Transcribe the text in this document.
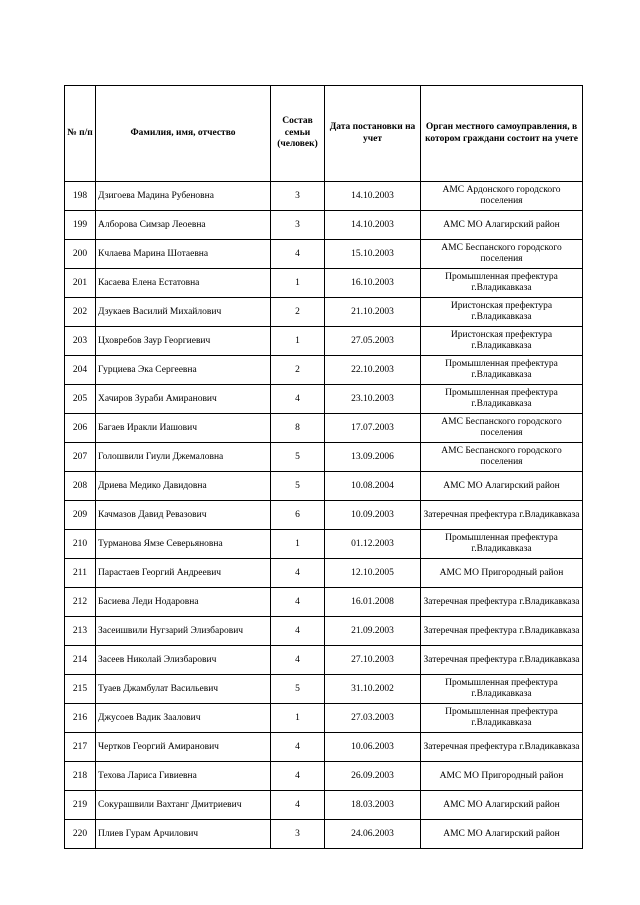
№ п/п	Фамилия, имя, отчество	Состав семьи (человек)	Дата постановки на учет	Орган местного самоуправления, в котором граждани состоит на учете
198	Дзигоева Мадина Рубеновна	3	14.10.2003	АМС Ардонского городского поселения
199	Алборова Симзар Леоевна	3	14.10.2003	АМС МО Алагирский район
200	Кчлаева Марина Шотаевна	4	15.10.2003	АМС Беспанского городского поселения
201	Касаева Елена Естатовна	1	16.10.2003	Промышленная префектура г.Владикавказа
202	Дзукаев Василий Михайлович	2	21.10.2003	Иристонская префектура г.Владикавказа
203	Цховребов Заур Георгиевич	1	27.05.2003	Иристонская префектура г.Владикавказа
204	Гурциева Эка Сергеевна	2	22.10.2003	Промышленная префектура г.Владикавказа
205	Хачиров Зураби Амиранович	4	23.10.2003	Промышленная префектура г.Владикавказа
206	Багаев Иракли Иашович	8	17.07.2003	АМС Беспанского городского поселения
207	Голошвили Гиули Джемаловна	5	13.09.2006	АМС Беспанского городского поселения
208	Дриева Медико Давидовна	5	10.08.2004	АМС МО Алагирский район
209	Качмазов Давид Ревазович	6	10.09.2003	Затеречная префектура г.Владикавказа
210	Турманова Ямзе Северьяновна	1	01.12.2003	Промышленная префектура г.Владикавказа
211	Парастаев Георгий Андреевич	4	12.10.2005	АМС МО Пригородный район
212	Басиева Леди Нодаровна	4	16.01.2008	Затеречная префектура г.Владикавказа
213	Засеишвили Нугзарий Элизбарович	4	21.09.2003	Затеречная префектура г.Владикавказа
214	Засеев Николай Элизбарович	4	27.10.2003	Затеречная префектура г.Владикавказа
215	Туаев Джамбулат Васильевич	5	31.10.2002	Промышленная префектура г.Владикавказа
216	Джусоев Вадик Заалович	1	27.03.2003	Промышленная префектура г.Владикавказа
217	Чертков Георгий Амиранович	4	10.06.2003	Затеречная префектура г.Владикавказа
218	Техова Лариса Гивиевна	4	26.09.2003	АМС МО Пригородный район
219	Сокурашвили Вахтанг Дмитриевич	4	18.03.2003	АМС МО Алагирский район
220	Плиев Гурам Арчилович	3	24.06.2003	АМС МО Алагирский район
